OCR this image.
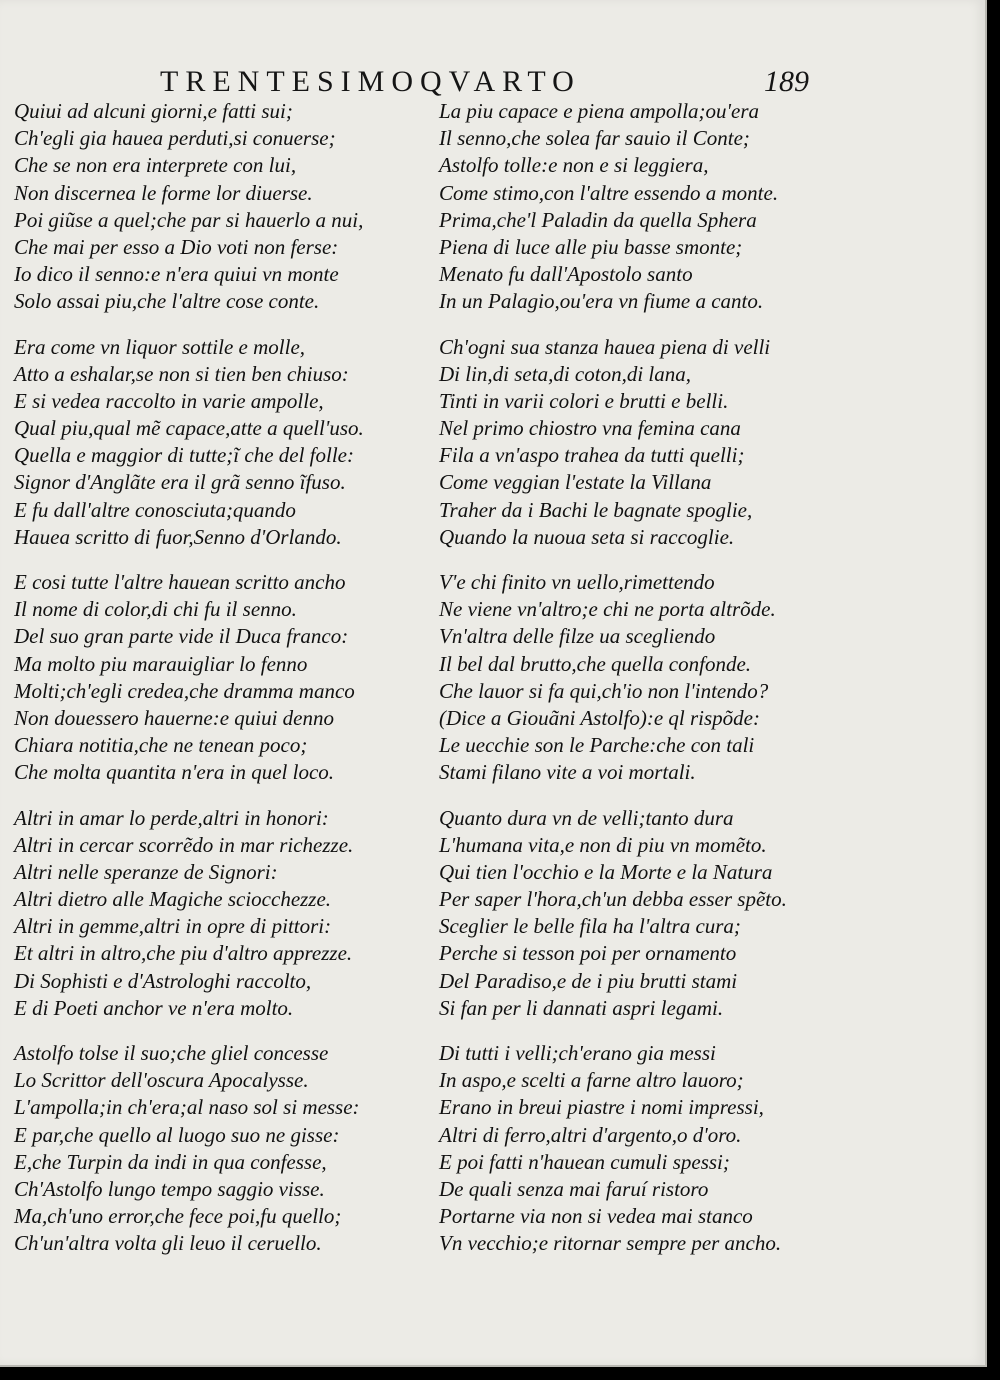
TRENTESIMOQVARTO	189
Quiui ad alcuni giorni,e fatti sui;
Ch'egli gia hauea perduti,si conuerse;
Che se non era interprete con lui,
Non discernea le forme lor diuerse.
Poi giũse a quel;che par si hauerlo a nui,
Che mai per esso a Dio voti non ferse:
Io dico il senno:e n'era quiui vn monte
Solo assai piu,che l'altre cose conte.
Era come vn liquor sottile e molle,
Atto a eshalar,se non si tien ben chiuso:
E si vedea raccolto in varie ampolle,
Qual piu,qual mẽ capace,atte a quell'uso.
Quella e maggior di tutte;ĩ che del folle:
Signor d'Anglãte era il grã senno ĩfuso.
E fu dall'altre conosciuta;quando
Hauea scritto di fuor,Senno d'Orlando.
E cosi tutte l'altre hauean scritto ancho
Il nome di color,di chi fu il senno.
Del suo gran parte vide il Duca franco:
Ma molto piu marauigliar lo fenno
Molti;ch'egli credea,che dramma manco
Non douessero hauerne:e quiui denno
Chiara notitia,che ne tenean poco;
Che molta quantita n'era in quel loco.
Altri in amar lo perde,altri in honori:
Altri in cercar scorrẽdo in mar richezze.
Altri nelle speranze de Signori:
Altri dietro alle Magiche sciocchezze.
Altri in gemme,altri in opre di pittori:
Et altri in altro,che piu d'altro apprezze.
Di Sophisti e d'Astrologhi raccolto,
E di Poeti anchor ve n'era molto.
Astolfo tolse il suo;che gliel concesse
Lo Scrittor dell'oscura Apocalysse.
L'ampolla;in ch'era;al naso sol si messe:
E par,che quello al luogo suo ne gisse:
E,che Turpin da indi in qua confesse,
Ch'Astolfo lungo tempo saggio visse.
Ma,ch'uno error,che fece poi,fu quello;
Ch'un'altra volta gli leuo il ceruello.
La piu capace e piena ampolla;ou'era
Il senno,che solea far sauio il Conte;
Astolfo tolle:e non e si leggiera,
Come stimo,con l'altre essendo a monte.
Prima,che'l Paladin da quella Sphera
Piena di luce alle piu basse smonte;
Menato fu dall'Apostolo santo
In un Palagio,ou'era vn fiume a canto.
Ch'ogni sua stanza hauea piena di velli
Di lin,di seta,di coton,di lana,
Tinti in varii colori e brutti e belli.
Nel primo chiostro vna femina cana
Fila a vn'aspo trahea da tutti quelli;
Come veggian l'estate la Villana
Traher da i Bachi le bagnate spoglie,
Quando la nuoua seta si raccoglie.
V'e chi finito vn uello,rimettendo
Ne viene vn'altro;e chi ne porta altrõde.
Vn'altra delle filze ua scegliendo
Il bel dal brutto,che quella confonde.
Che lauor si fa qui,ch'io non l'intendo?
(Dice a Giouãni Astolfo):e ql rispõde:
Le uecchie son le Parche:che con tali
Stami filano vite a voi mortali.
Quanto dura vn de velli;tanto dura
L'humana vita,e non di piu vn momẽto.
Qui tien l'occhio e la Morte e la Natura
Per saper l'hora,ch'un debba esser spẽto.
Sceglier le belle fila ha l'altra cura;
Perche si tesson poi per ornamento
Del Paradiso,e de i piu brutti stami
Si fan per li dannati aspri legami.
Di tutti i velli;ch'erano gia messi
In aspo,e scelti a farne altro lauoro;
Erano in breui piastre i nomi impressi,
Altri di ferro,altri d'argento,o d'oro.
E poi fatti n'hauean cumuli spessi;
De quali senza mai faruí ristoro
Portarne via non si vedea mai stanco
Vn vecchio;e ritornar sempre per ancho.
